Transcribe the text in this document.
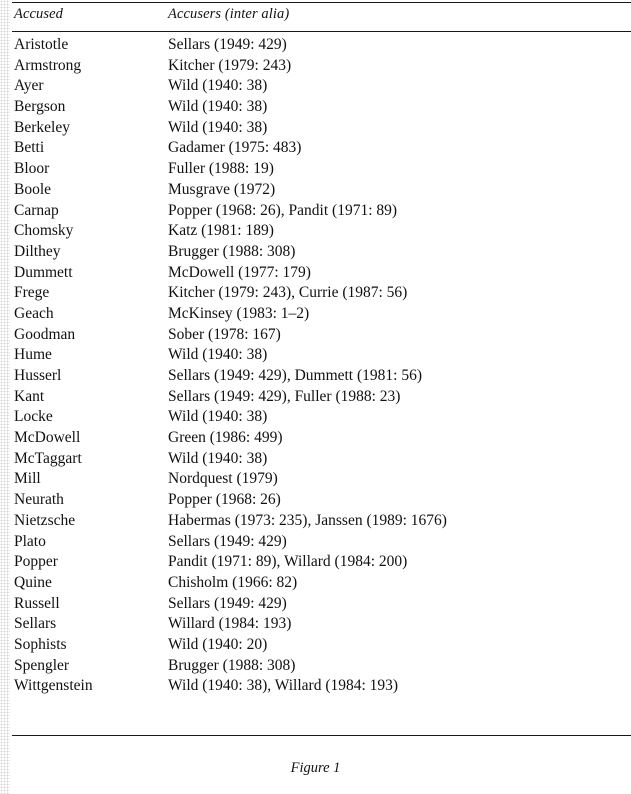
Accused	Accusers (inter alia)
Aristotle	Sellars (1949: 429)
Armstrong	Kitcher (1979: 243)
Ayer	Wild (1940: 38)
Bergson	Wild (1940: 38)
Berkeley	Wild (1940: 38)
Betti	Gadamer (1975: 483)
Bloor	Fuller (1988: 19)
Boole	Musgrave (1972)
Carnap	Popper (1968: 26), Pandit (1971: 89)
Chomsky	Katz (1981: 189)
Dilthey	Brugger (1988: 308)
Dummett	McDowell (1977: 179)
Frege	Kitcher (1979: 243), Currie (1987: 56)
Geach	McKinsey (1983: 1–2)
Goodman	Sober (1978: 167)
Hume	Wild (1940: 38)
Husserl	Sellars (1949: 429), Dummett (1981: 56)
Kant	Sellars (1949: 429), Fuller (1988: 23)
Locke	Wild (1940: 38)
McDowell	Green (1986: 499)
McTaggart	Wild (1940: 38)
Mill	Nordquest (1979)
Neurath	Popper (1968: 26)
Nietzsche	Habermas (1973: 235), Janssen (1989: 1676)
Plato	Sellars (1949: 429)
Popper	Pandit (1971: 89), Willard (1984: 200)
Quine	Chisholm (1966: 82)
Russell	Sellars (1949: 429)
Sellars	Willard (1984: 193)
Sophists	Wild (1940: 20)
Spengler	Brugger (1988: 308)
Wittgenstein	Wild (1940: 38), Willard (1984: 193)
Figure 1
